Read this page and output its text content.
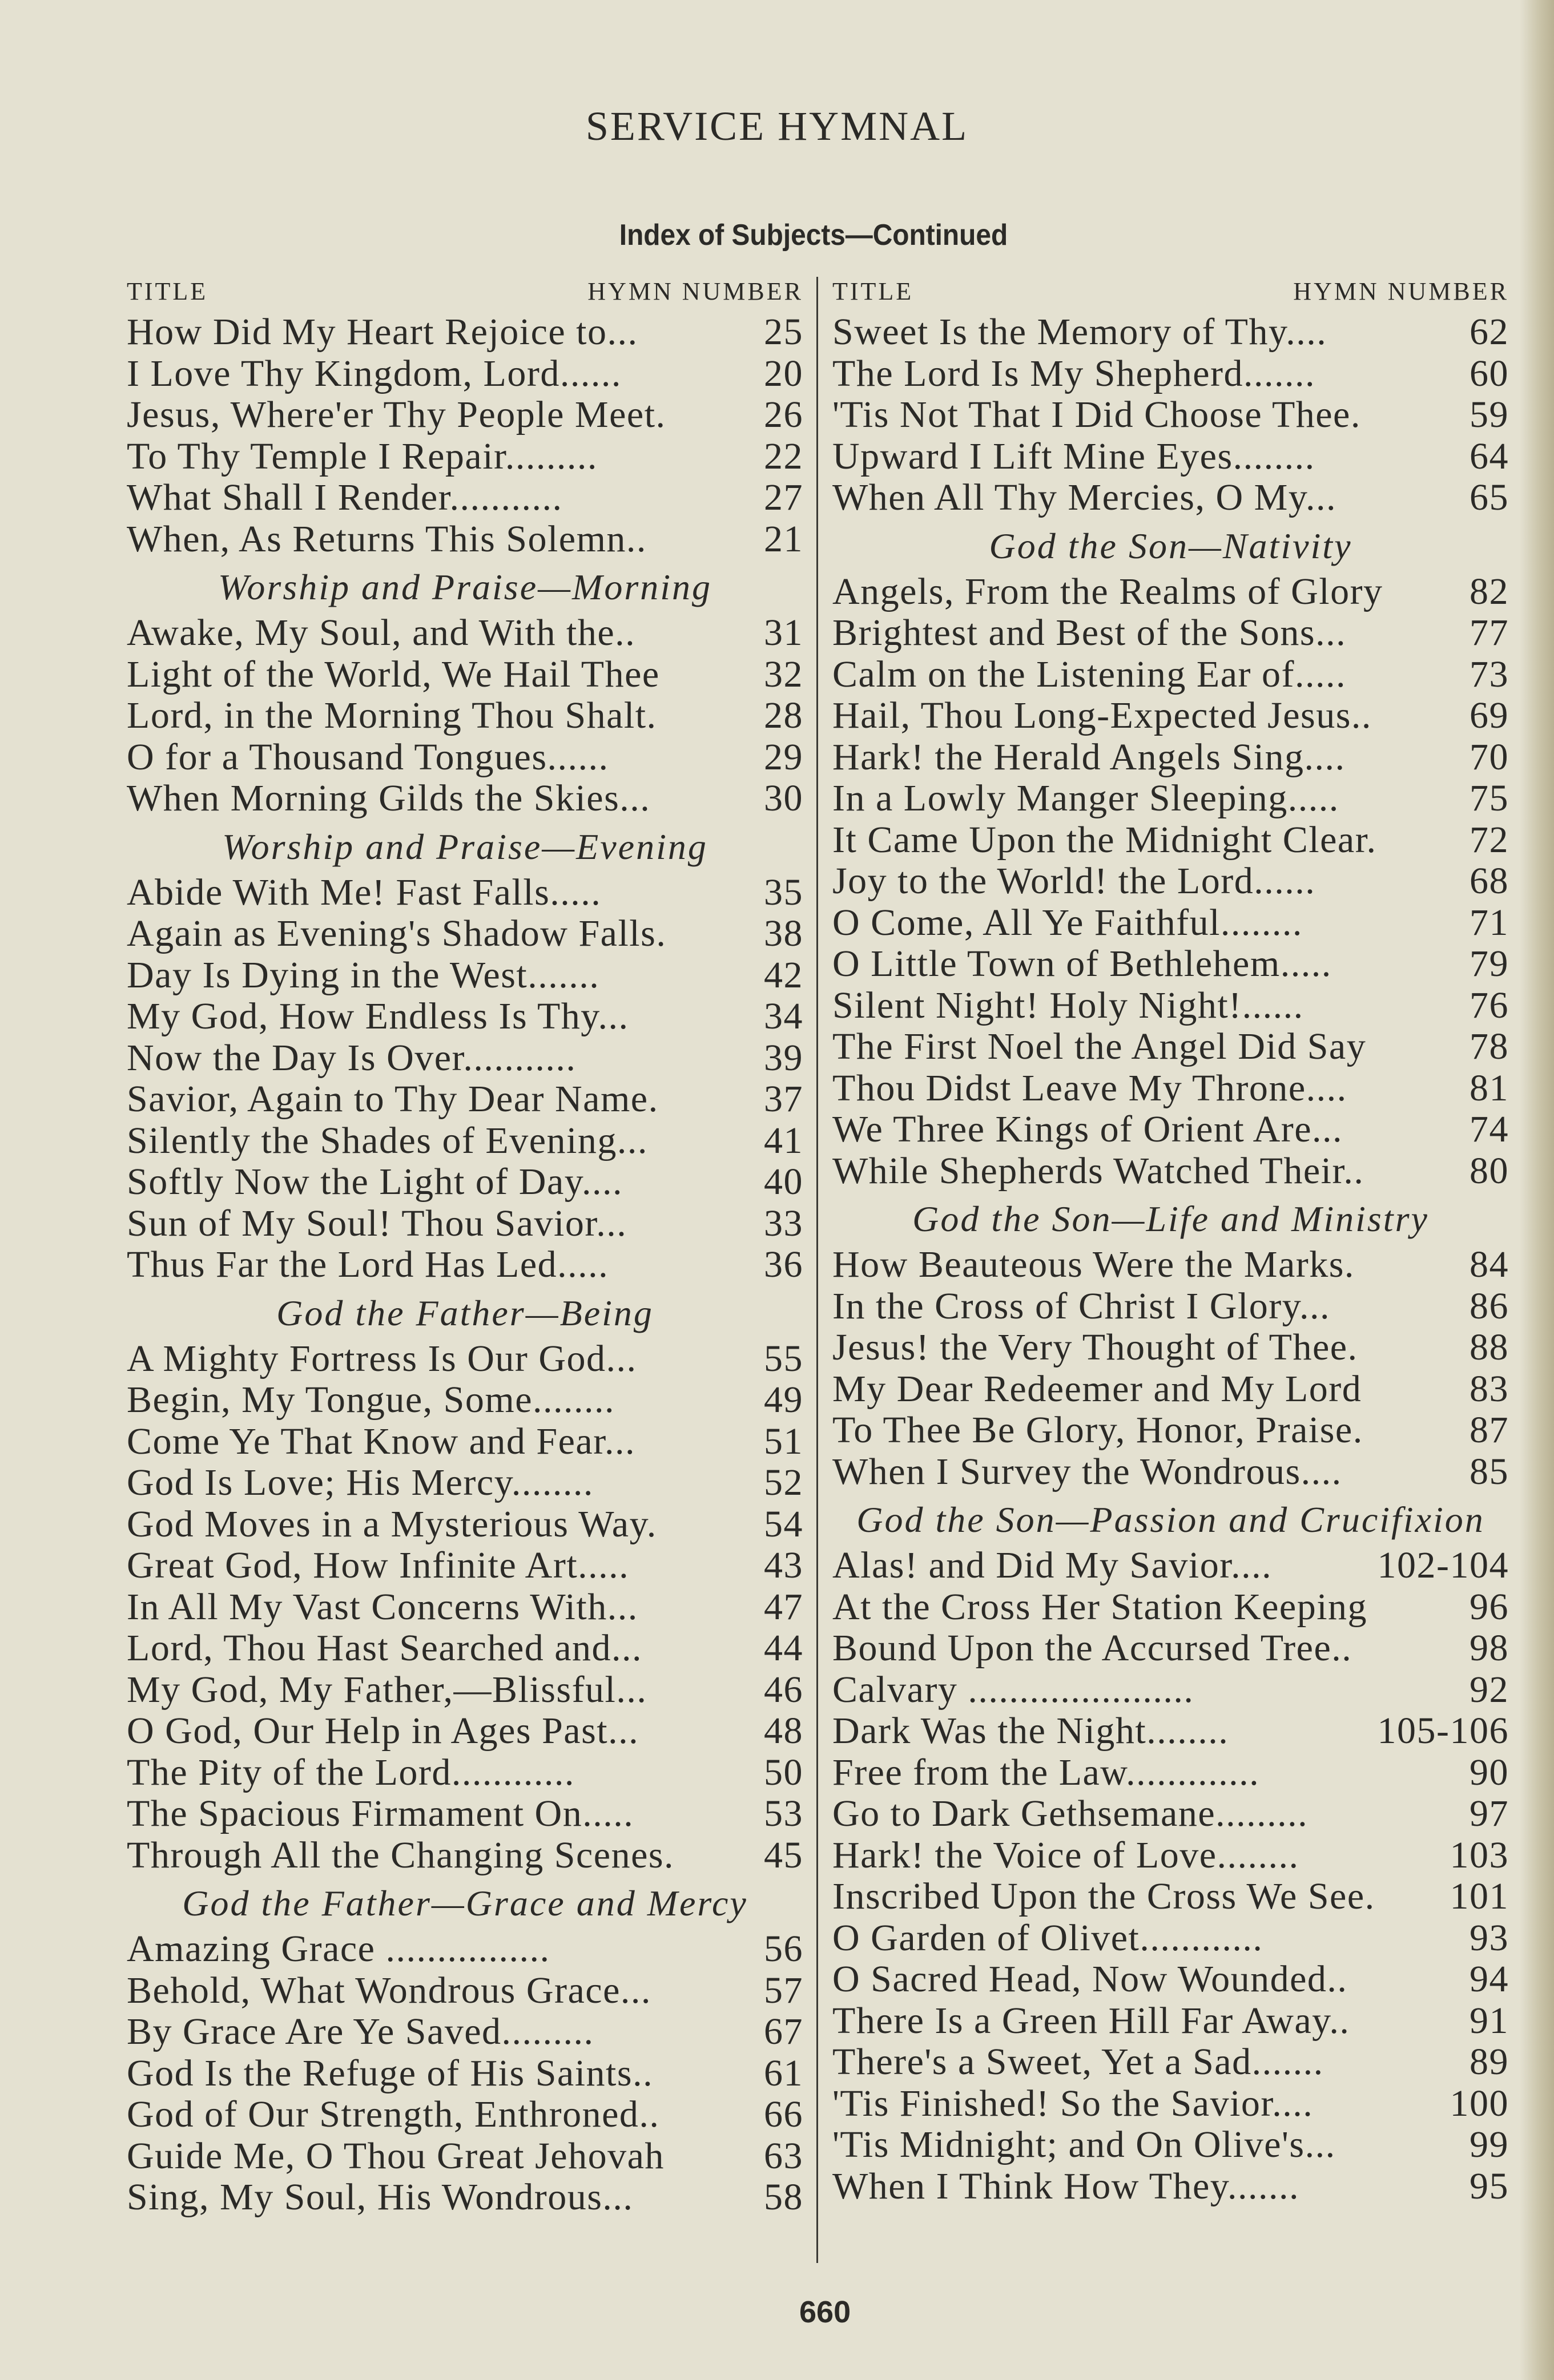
SERVICE HYMNAL
Index of Subjects—Continued
TITLE	HYMN NUMBER
How Did My Heart Rejoice to...	25
I Love Thy Kingdom, Lord......	20
Jesus, Where'er Thy People Meet.	26
To Thy Temple I Repair.........	22
What Shall I Render...........	27
When, As Returns This Solemn..	21
Worship and Praise—Morning
Awake, My Soul, and With the..	31
Light of the World, We Hail Thee	32
Lord, in the Morning Thou Shalt.	28
O for a Thousand Tongues......	29
When Morning Gilds the Skies...	30
Worship and Praise—Evening
Abide With Me! Fast Falls.....	35
Again as Evening's Shadow Falls.	38
Day Is Dying in the West.......	42
My God, How Endless Is Thy...	34
Now the Day Is Over...........	39
Savior, Again to Thy Dear Name.	37
Silently the Shades of Evening...	41
Softly Now the Light of Day....	40
Sun of My Soul! Thou Savior...	33
Thus Far the Lord Has Led.....	36
God the Father—Being
A Mighty Fortress Is Our God...	55
Begin, My Tongue, Some........	49
Come Ye That Know and Fear...	51
God Is Love; His Mercy........	52
God Moves in a Mysterious Way.	54
Great God, How Infinite Art.....	43
In All My Vast Concerns With...	47
Lord, Thou Hast Searched and...	44
My God, My Father,—Blissful...	46
O God, Our Help in Ages Past...	48
The Pity of the Lord............	50
The Spacious Firmament On.....	53
Through All the Changing Scenes. 45
God the Father—Grace and Mercy
Amazing Grace ................	56
Behold, What Wondrous Grace...	57
By Grace Are Ye Saved.........	67
God Is the Refuge of His Saints..	61
God of Our Strength, Enthroned..	66
Guide Me, O Thou Great Jehovah	63
Sing, My Soul, His Wondrous...	58
TITLE	HYMN NUMBER
Sweet Is the Memory of Thy....	62
The Lord Is My Shepherd.......	60
'Tis Not That I Did Choose Thee.	59
Upward I Lift Mine Eyes........	64
When All Thy Mercies, O My...	65
God the Son—Nativity
Angels, From the Realms of Glory 82
Brightest and Best of the Sons...	77
Calm on the Listening Ear of.....	73
Hail, Thou Long-Expected Jesus..	69
Hark! the Herald Angels Sing....	70
In a Lowly Manger Sleeping.....	75
It Came Upon the Midnight Clear. 72
Joy to the World! the Lord......	68
O Come, All Ye Faithful........	71
O Little Town of Bethlehem.....	79
Silent Night! Holy Night!......	76
The First Noel the Angel Did Say	78
Thou Didst Leave My Throne....	81
We Three Kings of Orient Are...	74
While Shepherds Watched Their..	80
God the Son—Life and Ministry
How Beauteous Were the Marks.	84
In the Cross of Christ I Glory...	86
Jesus! the Very Thought of Thee.	88
My Dear Redeemer and My Lord	83
To Thee Be Glory, Honor, Praise.	87
When I Survey the Wondrous....	85
God the Son—Passion and Crucifixion
Alas! and Did My Savior....	102-104
At the Cross Her Station Keeping	96
Bound Upon the Accursed Tree..	98
Calvary ......................	92
Dark Was the Night........	105-106
Free from the Law.............	90
Go to Dark Gethsemane.........	97
Hark! the Voice of Love........	103
Inscribed Upon the Cross We See. 101
O Garden of Olivet............	93
O Sacred Head, Now Wounded..	94
There Is a Green Hill Far Away..	91
There's a Sweet, Yet a Sad.......	89
'Tis Finished! So the Savior....	100
'Tis Midnight; and On Olive's...	99
When I Think How They.......	95
660
